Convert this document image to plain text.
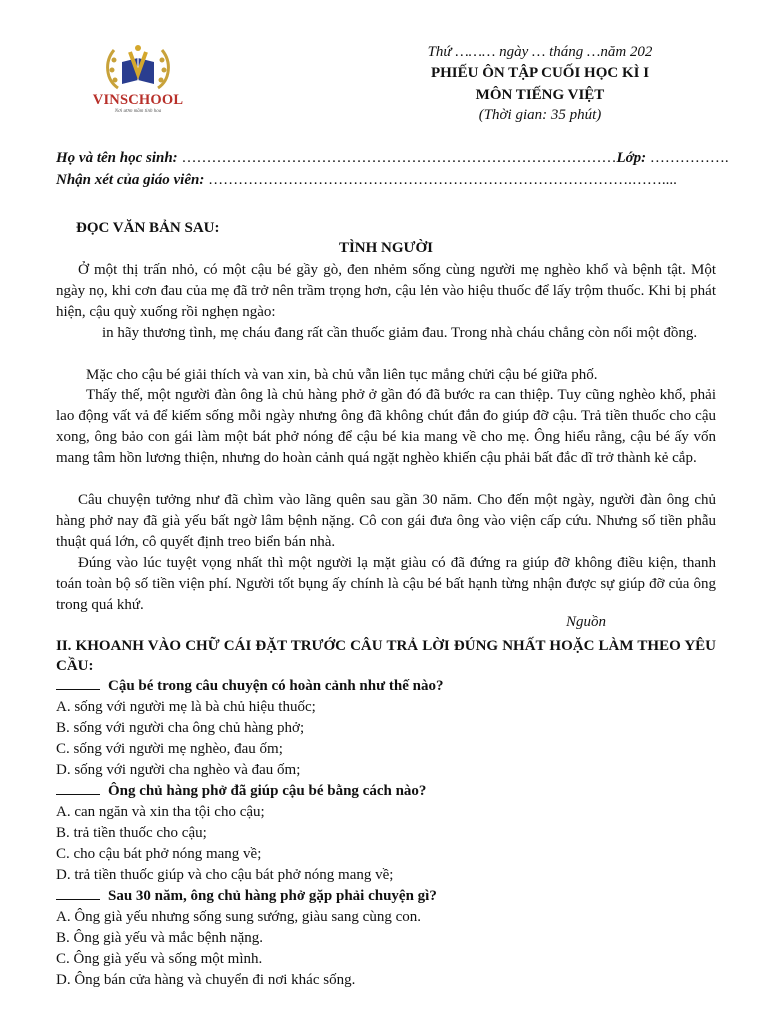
VINSCHOOL
Nơi ươm mầm tinh hoa
Thứ ……… ngày … tháng …năm 202
PHIẾU ÔN TẬP CUỐI HỌC KÌ I
MÔN TIẾNG VIỆT
(Thời gian: 35 phút)
Họ và tên học sinh: ……………………………………………………………………………Lớp: …………….
Nhận xét của giáo viên: ………………………………………………………………………….……....
ĐỌC VĂN BẢN SAU:
TÌNH NGƯỜI
Ở một thị trấn nhỏ, có một cậu bé gầy gò, đen nhẻm sống cùng người mẹ nghèo khổ và bệnh tật. Một ngày nọ, khi cơn đau của mẹ đã trở nên trầm trọng hơn, cậu lẻn vào hiệu thuốc để lấy trộm thuốc. Khi bị phát hiện, cậu quỳ xuống rồi nghẹn ngào:
in hãy thương tình, mẹ cháu đang rất cần thuốc giảm đau. Trong nhà cháu chẳng còn nổi một đồng.
Mặc cho cậu bé giải thích và van xin, bà chủ vẫn liên tục mắng chửi cậu bé giữa phố.
Thấy thế, một người đàn ông là chủ hàng phở ở gần đó đã bước ra can thiệp. Tuy cũng nghèo khổ, phải lao động vất vả để kiếm sống mỗi ngày nhưng ông đã không chút đắn đo giúp đỡ cậu. Trả tiền thuốc cho cậu xong, ông bảo con gái làm một bát phở nóng để cậu bé kia mang về cho mẹ. Ông hiểu rằng, cậu bé ấy vốn mang tâm hồn lương thiện, nhưng do hoàn cảnh quá ngặt nghèo khiến cậu phải bất đắc dĩ trở thành kẻ cắp.
Câu chuyện tưởng như đã chìm vào lãng quên sau gần 30 năm. Cho đến một ngày, người đàn ông chủ hàng phở nay đã già yếu bất ngờ lâm bệnh nặng. Cô con gái đưa ông vào viện cấp cứu. Nhưng số tiền phẫu thuật quá lớn, cô quyết định treo biển bán nhà.
Đúng vào lúc tuyệt vọng nhất thì một người lạ mặt giàu có đã đứng ra giúp đỡ không điều kiện, thanh toán toàn bộ số tiền viện phí. Người tốt bụng ấy chính là cậu bé bất hạnh từng nhận được sự giúp đỡ của ông trong quá khứ.
Nguồn
II. KHOANH VÀO CHỮ CÁI ĐẶT TRƯỚC CÂU TRẢ LỜI ĐÚNG NHẤT HOẶC LÀM THEO YÊU CẦU:
Cậu bé trong câu chuyện có hoàn cảnh như thế nào?
A. sống với người mẹ là bà chủ hiệu thuốc;
B. sống với người cha ông chủ hàng phở;
C. sống với người mẹ nghèo, đau ốm;
D. sống với người cha nghèo và đau ốm;
Ông chủ hàng phở đã giúp cậu bé bằng cách nào?
A. can ngăn và xin tha tội cho cậu;
B. trả tiền thuốc cho cậu;
C. cho cậu bát phở nóng mang về;
D. trả tiền thuốc giúp và cho cậu bát phở nóng mang về;
Sau 30 năm, ông chủ hàng phở gặp phải chuyện gì?
A. Ông già yếu nhưng sống sung sướng, giàu sang cùng con.
B. Ông già yếu và mắc bệnh nặng.
C. Ông già yếu và sống một mình.
D. Ông bán cửa hàng và chuyển đi nơi khác sống.
